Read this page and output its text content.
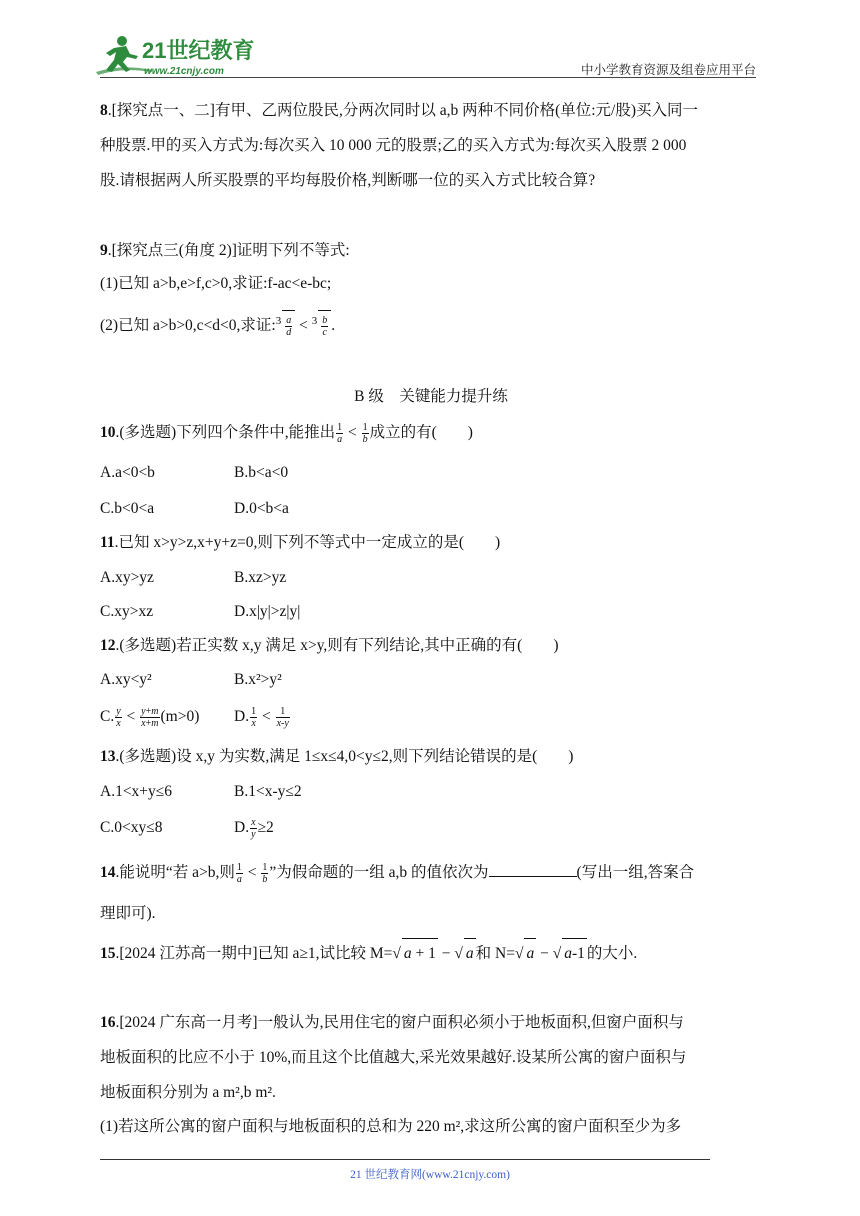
21世纪教育
www.21cnjy.com	中小学教育资源及组卷应用平台
8.[探究点一、二]有甲、乙两位股民,分两次同时以 a,b 两种不同价格(单位:元/股)买入同一
种股票.甲的买入方式为:每次买入 10 000 元的股票;乙的买入方式为:每次买入股票 2 000
股.请根据两人所买股票的平均每股价格,判断哪一位的买入方式比较合算?
9.[探究点三(角度 2)]证明下列不等式:
(1)已知 a>b,e>f,c>0,求证:f-ac<e-bc;
(2)已知 a>b>0,c<d<0,求证:$^3$ $\frac{a}{d} < ^3 \frac{b}{c}$ .
B 级　关键能力提升练
10.(多选题)下列四个条件中,能推出 $\frac{1}{a} < \frac{1}{b}$ 成立的有(　　)
A.a<0<b	B.b<a<0
C.b<0<a	D.0<b<a
11.已知 x>y>z,x+y+z=0,则下列不等式中一定成立的是(　　)
A.xy>yz	B.xz>yz
C.xy>xz	D.x|y|>z|y|
12.(多选题)若正实数 x,y 满足 x>y,则有下列结论,其中正确的有(　　)
A.xy<y²	B.x²>y²
C. $\frac{y}{x} < \frac{y+m}{x+m} (m>0)$ D. $\frac{1}{x} < \frac{1}{x-y}$
13.(多选题)设 x,y 为实数,满足 1≤x≤4,0<y≤2,则下列结论错误的是(　　)
A.1<x+y≤6	B.1<x-y≤2
C.0<xy≤8	D. $\frac{x}{y} \ge 2$
14.能说明“若 a>b,则 $\frac{1}{a} < \frac{1}{b}$ ”为假命题的一组 a,b 的值依次为	(写出一组,答案合
理即可).
15.[2024 江苏高一期中]已知 a≥1,试比较 M=√ a + 1 − √ a 和 N=√ a − √ a-1 的大小.
16.[2024 广东高一月考]一般认为,民用住宅的窗户面积必须小于地板面积,但窗户面积与
地板面积的比应不小于 10%,而且这个比值越大,采光效果越好.设某所公寓的窗户面积与
地板面积分别为 a m²,b m².
(1)若这所公寓的窗户面积与地板面积的总和为 220 m²,求这所公寓的窗户面积至少为多
21 世纪教育网(www.21cnjy.com)
